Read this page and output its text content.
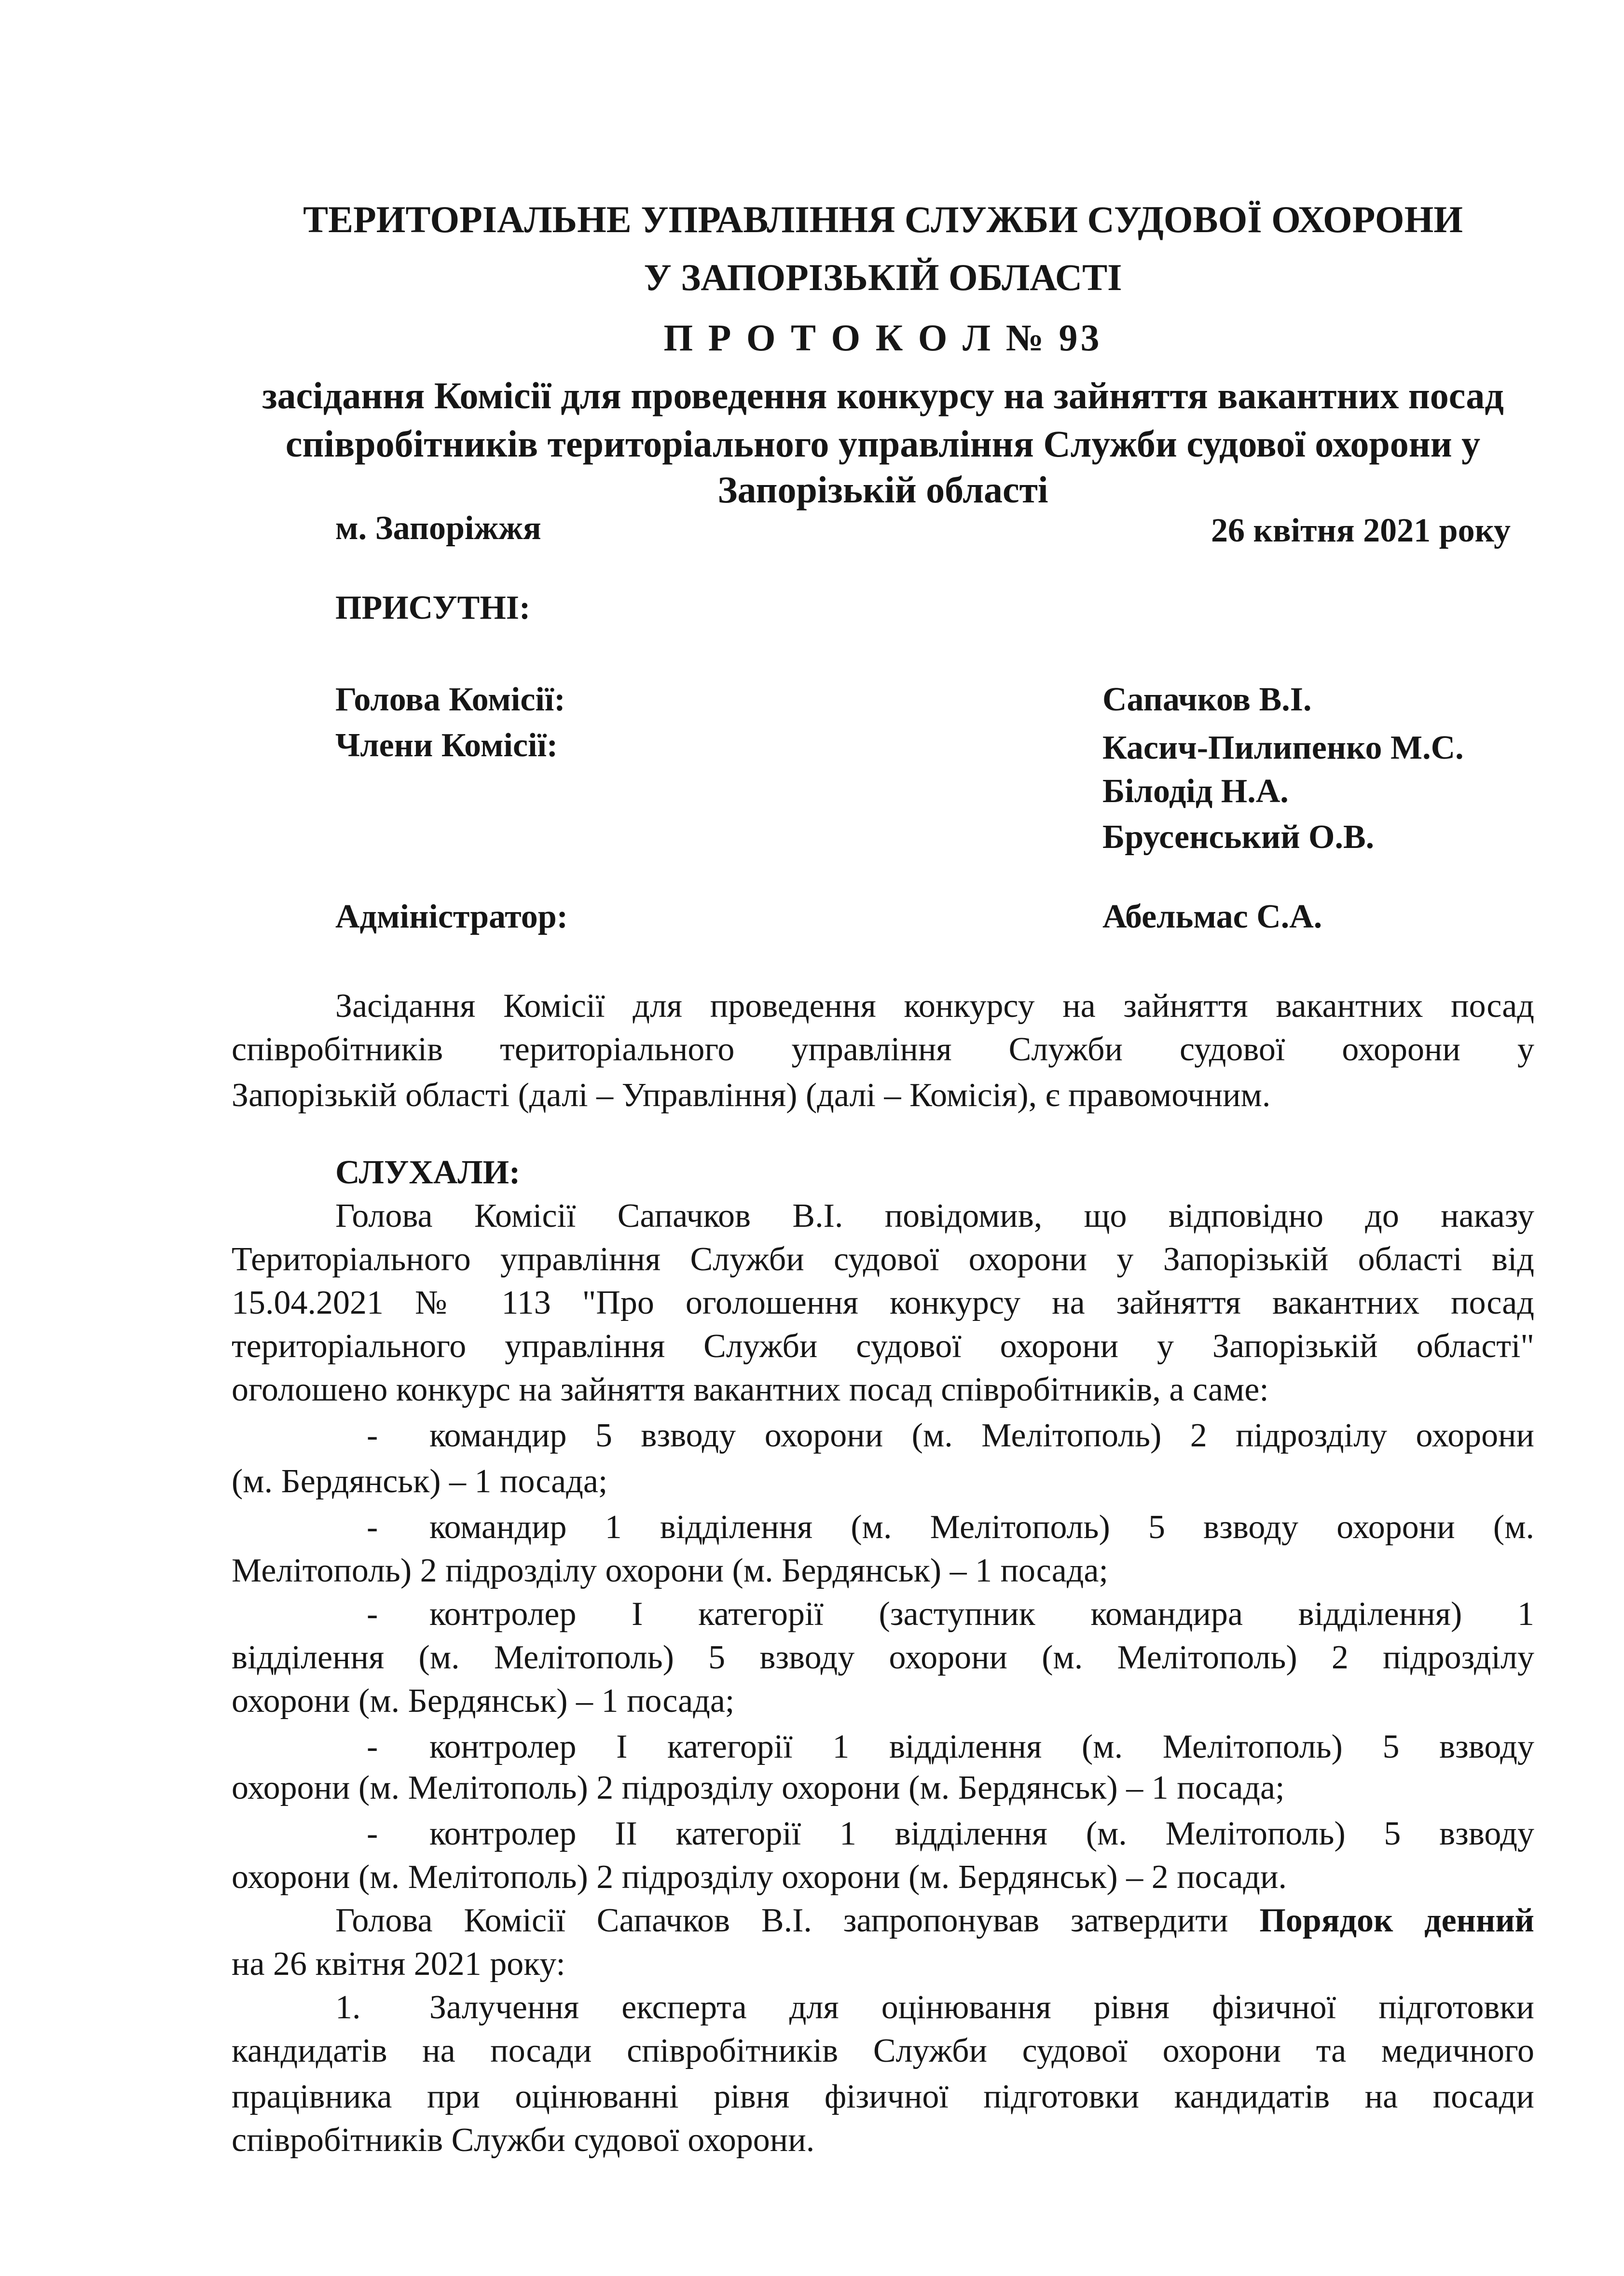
ТЕРИТОРІАЛЬНЕ УПРАВЛІННЯ СЛУЖБИ СУДОВОЇ ОХОРОНИ
У ЗАПОРІЗЬКІЙ ОБЛАСТІ
П Р О Т О К О Л № 93
засідання Комісії для проведення конкурсу на зайняття вакантних посад
співробітників територіального управління Служби судової охорони у
Запорізькій області
м. Запоріжжя	26 квітня 2021 року
ПРИСУТНІ:
Голова Комісії:	Сапачков В.І.
Члени Комісії:	Касич-Пилипенко М.С.
Білодід Н.А.
Брусенський О.В.
Адміністратор:	Абельмас С.А.
Засідання Комісії для проведення конкурсу на зайняття вакантних посад
співробітників територіального управління Служби судової охорони у
Запорізькій області (далі – Управління) (далі – Комісія), є правомочним.
СЛУХАЛИ:
Голова Комісії Сапачков В.І. повідомив, що відповідно до наказу
Територіального управління Служби судової охорони у Запорізькій області від
15.04.2021 № 113 "Про оголошення конкурсу на зайняття вакантних посад
територіального управління Служби судової охорони у Запорізькій області"
оголошено конкурс на зайняття вакантних посад співробітників, а саме:
- командир 5 взводу охорони (м. Мелітополь) 2 підрозділу охорони
(м. Бердянськ) – 1 посада;
- командир 1 відділення (м. Мелітополь) 5 взводу охорони (м.
Мелітополь) 2 підрозділу охорони (м. Бердянськ) – 1 посада;
- контролер I категорії (заступник командира відділення) 1
відділення (м. Мелітополь) 5 взводу охорони (м. Мелітополь) 2 підрозділу
охорони (м. Бердянськ) – 1 посада;
- контролер I категорії 1 відділення (м. Мелітополь) 5 взводу
охорони (м. Мелітополь) 2 підрозділу охорони (м. Бердянськ) – 1 посада;
- контролер II категорії 1 відділення (м. Мелітополь) 5 взводу
охорони (м. Мелітополь) 2 підрозділу охорони (м. Бердянськ) – 2 посади.
Голова Комісії Сапачков В.І. запропонував затвердити Порядок денний
на 26 квітня 2021 року:
1. Залучення експерта для оцінювання рівня фізичної підготовки
кандидатів на посади співробітників Служби судової охорони та медичного
працівника при оцінюванні рівня фізичної підготовки кандидатів на посади
співробітників Служби судової охорони.
